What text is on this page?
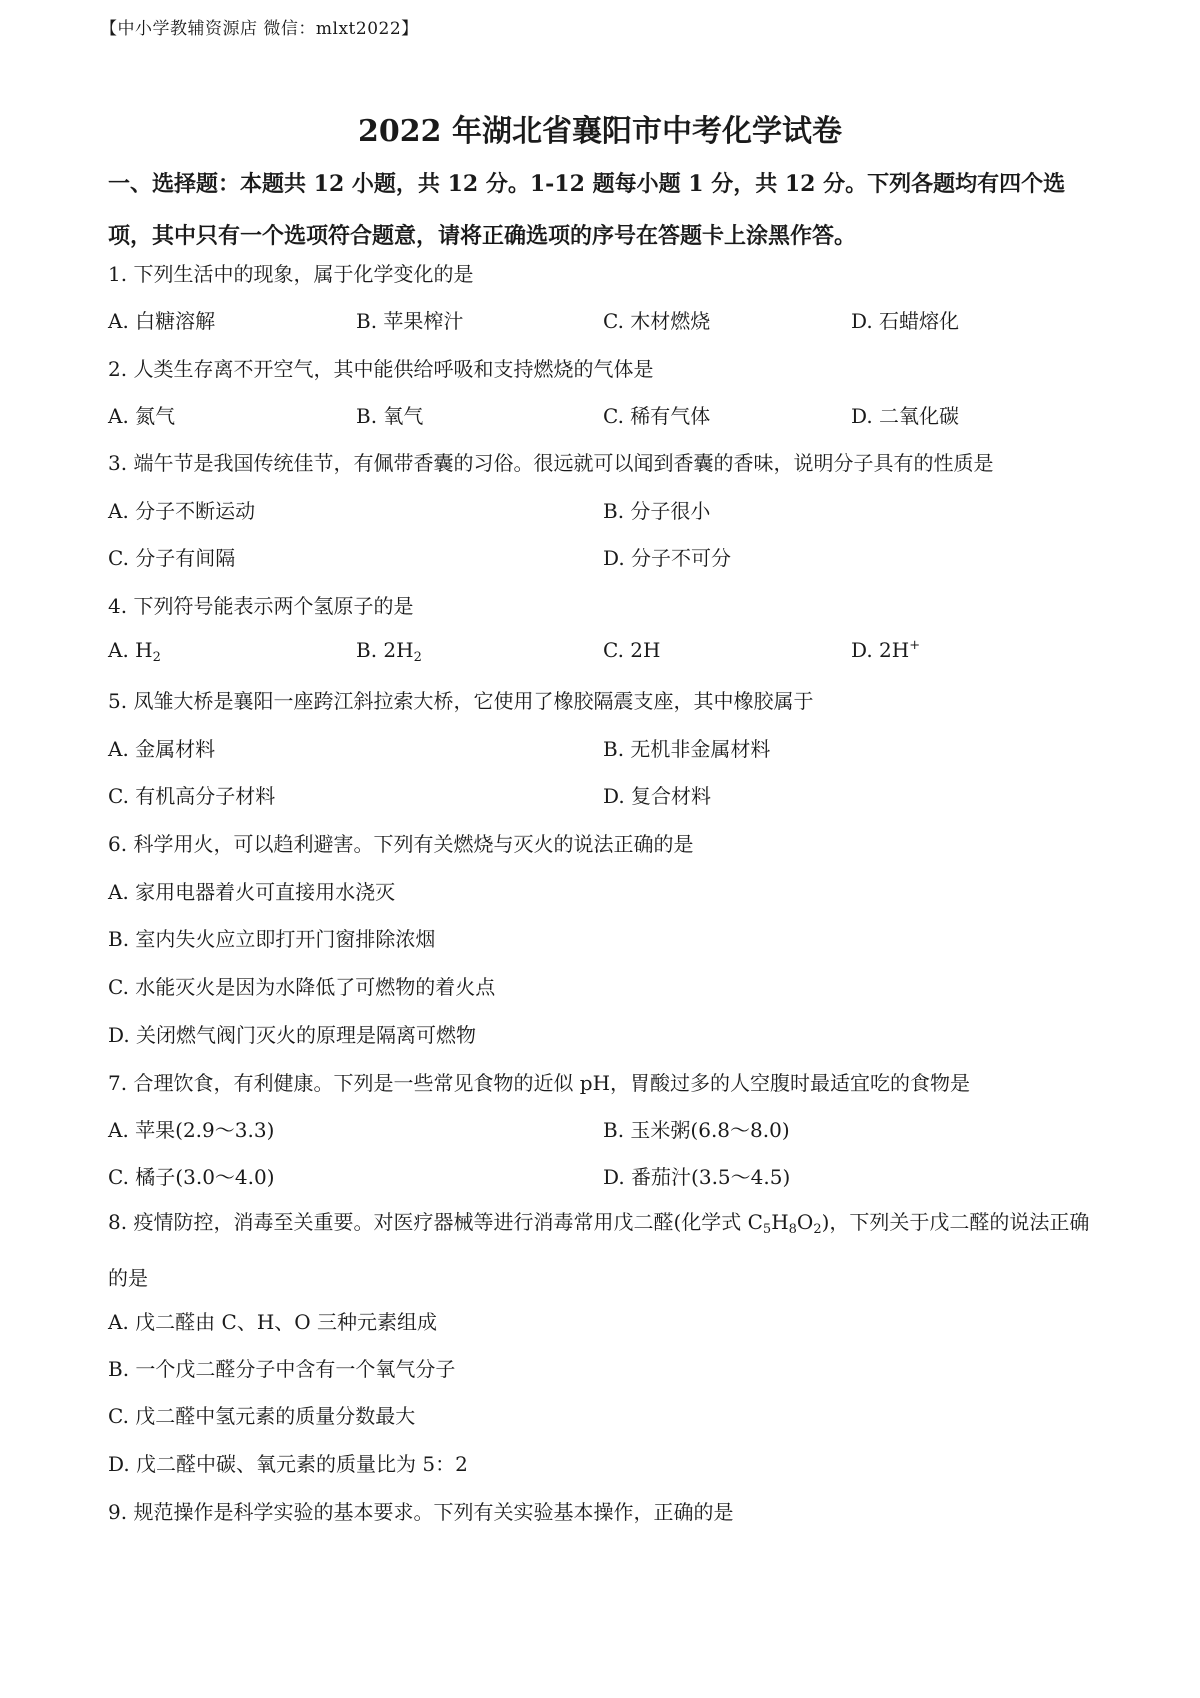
【中小学教辅资源店 微信：mlxt2022】
2022 年湖北省襄阳市中考化学试卷
一、选择题：本题共 12 小题，共 12 分。1-12 题每小题 1 分，共 12 分。下列各题均有四个选项，其中只有一个选项符合题意，请将正确选项的序号在答题卡上涂黑作答。
1. 下列生活中的现象，属于化学变化的是
A. 白糖溶解	B. 苹果榨汁	C. 木材燃烧	D. 石蜡熔化
2. 人类生存离不开空气，其中能供给呼吸和支持燃烧的气体是
A. 氮气	B. 氧气	C. 稀有气体	D. 二氧化碳
3. 端午节是我国传统佳节，有佩带香囊的习俗。很远就可以闻到香囊的香味，说明分子具有的性质是
A. 分子不断运动	B. 分子很小
C. 分子有间隔	D. 分子不可分
4. 下列符号能表示两个氢原子的是
A. $H_2$	B. $2H_2$	C. 2H	D. 2H+
5. 凤雏大桥是襄阳一座跨江斜拉索大桥，它使用了橡胶隔震支座，其中橡胶属于
A. 金属材料	B. 无机非金属材料
C. 有机高分子材料	D. 复合材料
6. 科学用火，可以趋利避害。下列有关燃烧与灭火的说法正确的是
A. 家用电器着火可直接用水浇灭
B. 室内失火应立即打开门窗排除浓烟
C. 水能灭火是因为水降低了可燃物的着火点
D. 关闭燃气阀门灭火的原理是隔离可燃物
7. 合理饮食，有利健康。下列是一些常见食物的近似 pH，胃酸过多的人空腹时最适宜吃的食物是
A. 苹果(2.9～3.3)	B. 玉米粥(6.8～8.0)
C. 橘子(3.0～4.0)	D. 番茄汁(3.5～4.5)
8. 疫情防控，消毒至关重要。对医疗器械等进行消毒常用戊二醛(化学式 $C_5H_8O_2$)，下列关于戊二醛的说法正确的是
A. 戊二醛由 C、H、O 三种元素组成
B. 一个戊二醛分子中含有一个氧气分子
C. 戊二醛中氢元素的质量分数最大
D. 戊二醛中碳、氧元素的质量比为 5：2
9. 规范操作是科学实验的基本要求。下列有关实验基本操作，正确的是
